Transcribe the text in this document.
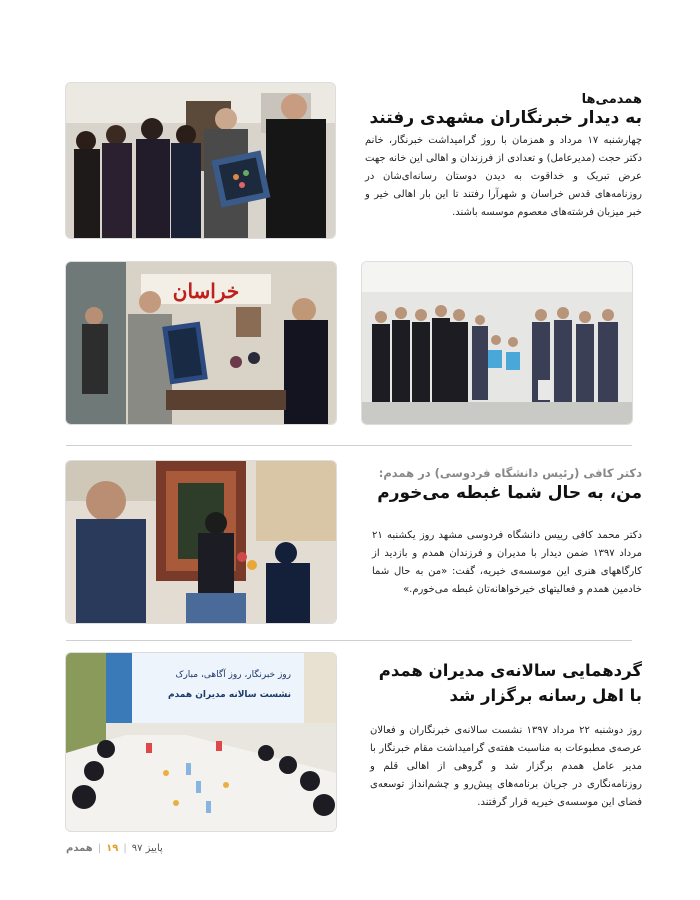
همدمی‌ها
به دیدار خبرنگاران مشهدی رفتند
چهارشنبه ۱۷ مرداد و همزمان با روز گرامیداشت خبرنگار، خانم دکتر حجت (مدیرعامل) و تعدادی از فرزندان و اهالی این خانه جهت عرض تبریک و خداقوت به دیدن دوستان رسانه‌ای‌شان در روزنامه‌های قدس خراسان و شهرآرا رفتند تا این بار اهالی خیر و خبر میزبان فرشته‌های معصوم موسسه باشند.
خراسان
دکتر کافی (رئیس دانشگاه فردوسی) در همدم:
من، به حال شما غبطه می‌خورم
دکتر محمد کافی رییس دانشگاه فردوسی مشهد روز یکشنبه ۲۱ مرداد ۱۳۹۷ ضمن دیدار با مدیران و فرزندان همدم و بازدید از کارگاههای هنری این موسسه‌ی خیریه، گفت: «من به حال شما خادمین همدم و فعالیتهای خیرخواهانه‌تان غبطه می‌خورم.»
روز خبرنگار، روز آگاهی، مبارک
نشست سالانه مدیران همدم
گردهمایی سالانه‌ی مدیران همدم با اهل رسانه برگزار شد
روز دوشنبه ۲۲ مرداد ۱۳۹۷ نشست سالانه‌ی خبرنگاران و فعالان عرصه‌ی مطبوعات به مناسبت هفته‌ی گرامیداشت مقام خبرنگار با مدیر عامل همدم برگزار شد و گروهی از اهالی قلم و روزنامه‌نگاری در جریان برنامه‌های پیش‌رو و چشم‌انداز توسعه‌ی فضای این موسسه‌ی خیریه قرار گرفتند.
همدم | ۱۹ | پاییز ۹۷
